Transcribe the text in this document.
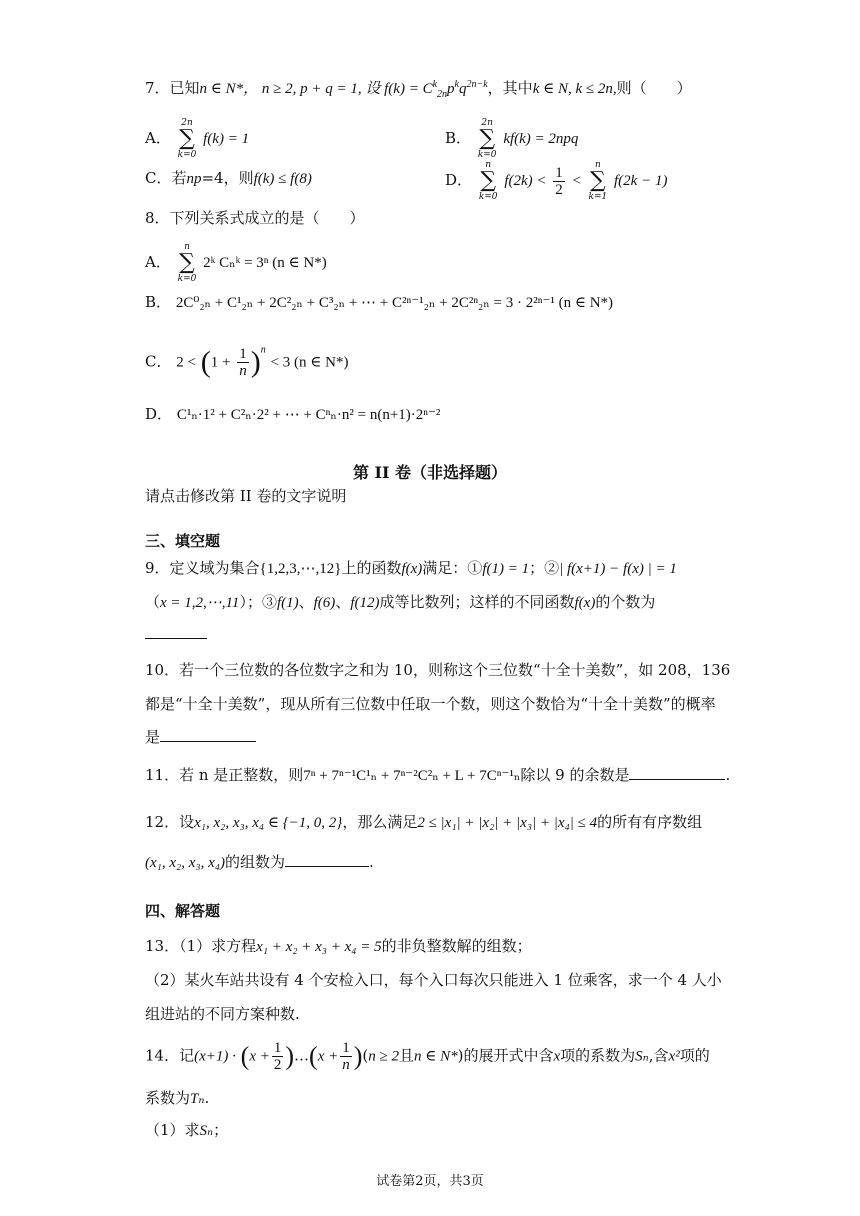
7．已知n ∈ N*， n ≥ 2, p + q = 1, 设 $f(k) = C^k_{2n}p^kq^{2n-k}$，其中k ∈ N, k ≤ 2n,则（　　）
A．
2n
∑
k=0
f(k) = 1	B．
2n
∑
k=0
kf(k) = 2npq
C．若np=4，则f(k) ≤ f(8)	D．
n
∑
k=0
$f(2k) < \frac{1}{2}$ <
n
∑
k=1
f(2k − 1)
8．下列关系式成立的是（　　）
A．
n
∑
k=0
2ᵏ Cₙᵏ = 3ⁿ (n ∈ N*)
B． 2C⁰₂ₙ + C¹₂ₙ + 2C²₂ₙ + C³₂ₙ + ⋯ + C²ⁿ⁻¹₂ₙ + 2C²ⁿ₂ₙ = 3 · 2²ⁿ⁻¹ (n ∈ N*)
C． $2 < (1 + \frac{1}{n} )^n < 3$ (n ∈ N*)
D． C¹ₙ·1² + C²ₙ·2² + ⋯ + Cⁿₙ·n² = n(n+1)·2ⁿ⁻²
第 II 卷（非选择题）
请点击修改第 II 卷的文字说明
三、填空题
9．定义域为集合{1,2,3,⋯,12}上的函数f(x)满足：①f(1) = 1；②| f(x+1) − f(x) | = 1
（x = 1,2,⋯,11）；③f(1)、f(6)、f(12)成等比数列；这样的不同函数f(x)的个数为
10．若一个三位数的各位数字之和为 10，则称这个三位数“十全十美数”，如 208，136
都是“十全十美数”，现从所有三位数中任取一个数，则这个数恰为“十全十美数”的概率
是
11．若 n 是正整数，则7ⁿ + 7ⁿ⁻¹C¹ₙ + 7ⁿ⁻²C²ₙ + L + 7Cⁿ⁻¹ₙ除以 9 的余数是	.
12．设x₁, x₂, x₃, x₄ ∈ {−1, 0, 2}，那么满足2 ≤ |x₁| + |x₂| + |x₃| + |x₄| ≤ 4的所有有序数组
(x₁, x₂, x₃, x₄)的组数为	.
四、解答题
13．（1）求方程x₁ + x₂ + x₃ + x₄ = 5的非负整数解的组数；
（2）某火车站共设有 4 个安检入口，每个入口每次只能进入 1 位乘客，求一个 4 人小
组进站的不同方案种数.
14．记$(x+1) \cdot (x + \frac{1}{2}$ )…(x + $\frac{1}{n} )(n \ge 2$且n ∈ N*)的展开式中含x项的系数为Sₙ,含x²项的
系数为Tₙ.
（1）求Sₙ；
试卷第2页，共3页
